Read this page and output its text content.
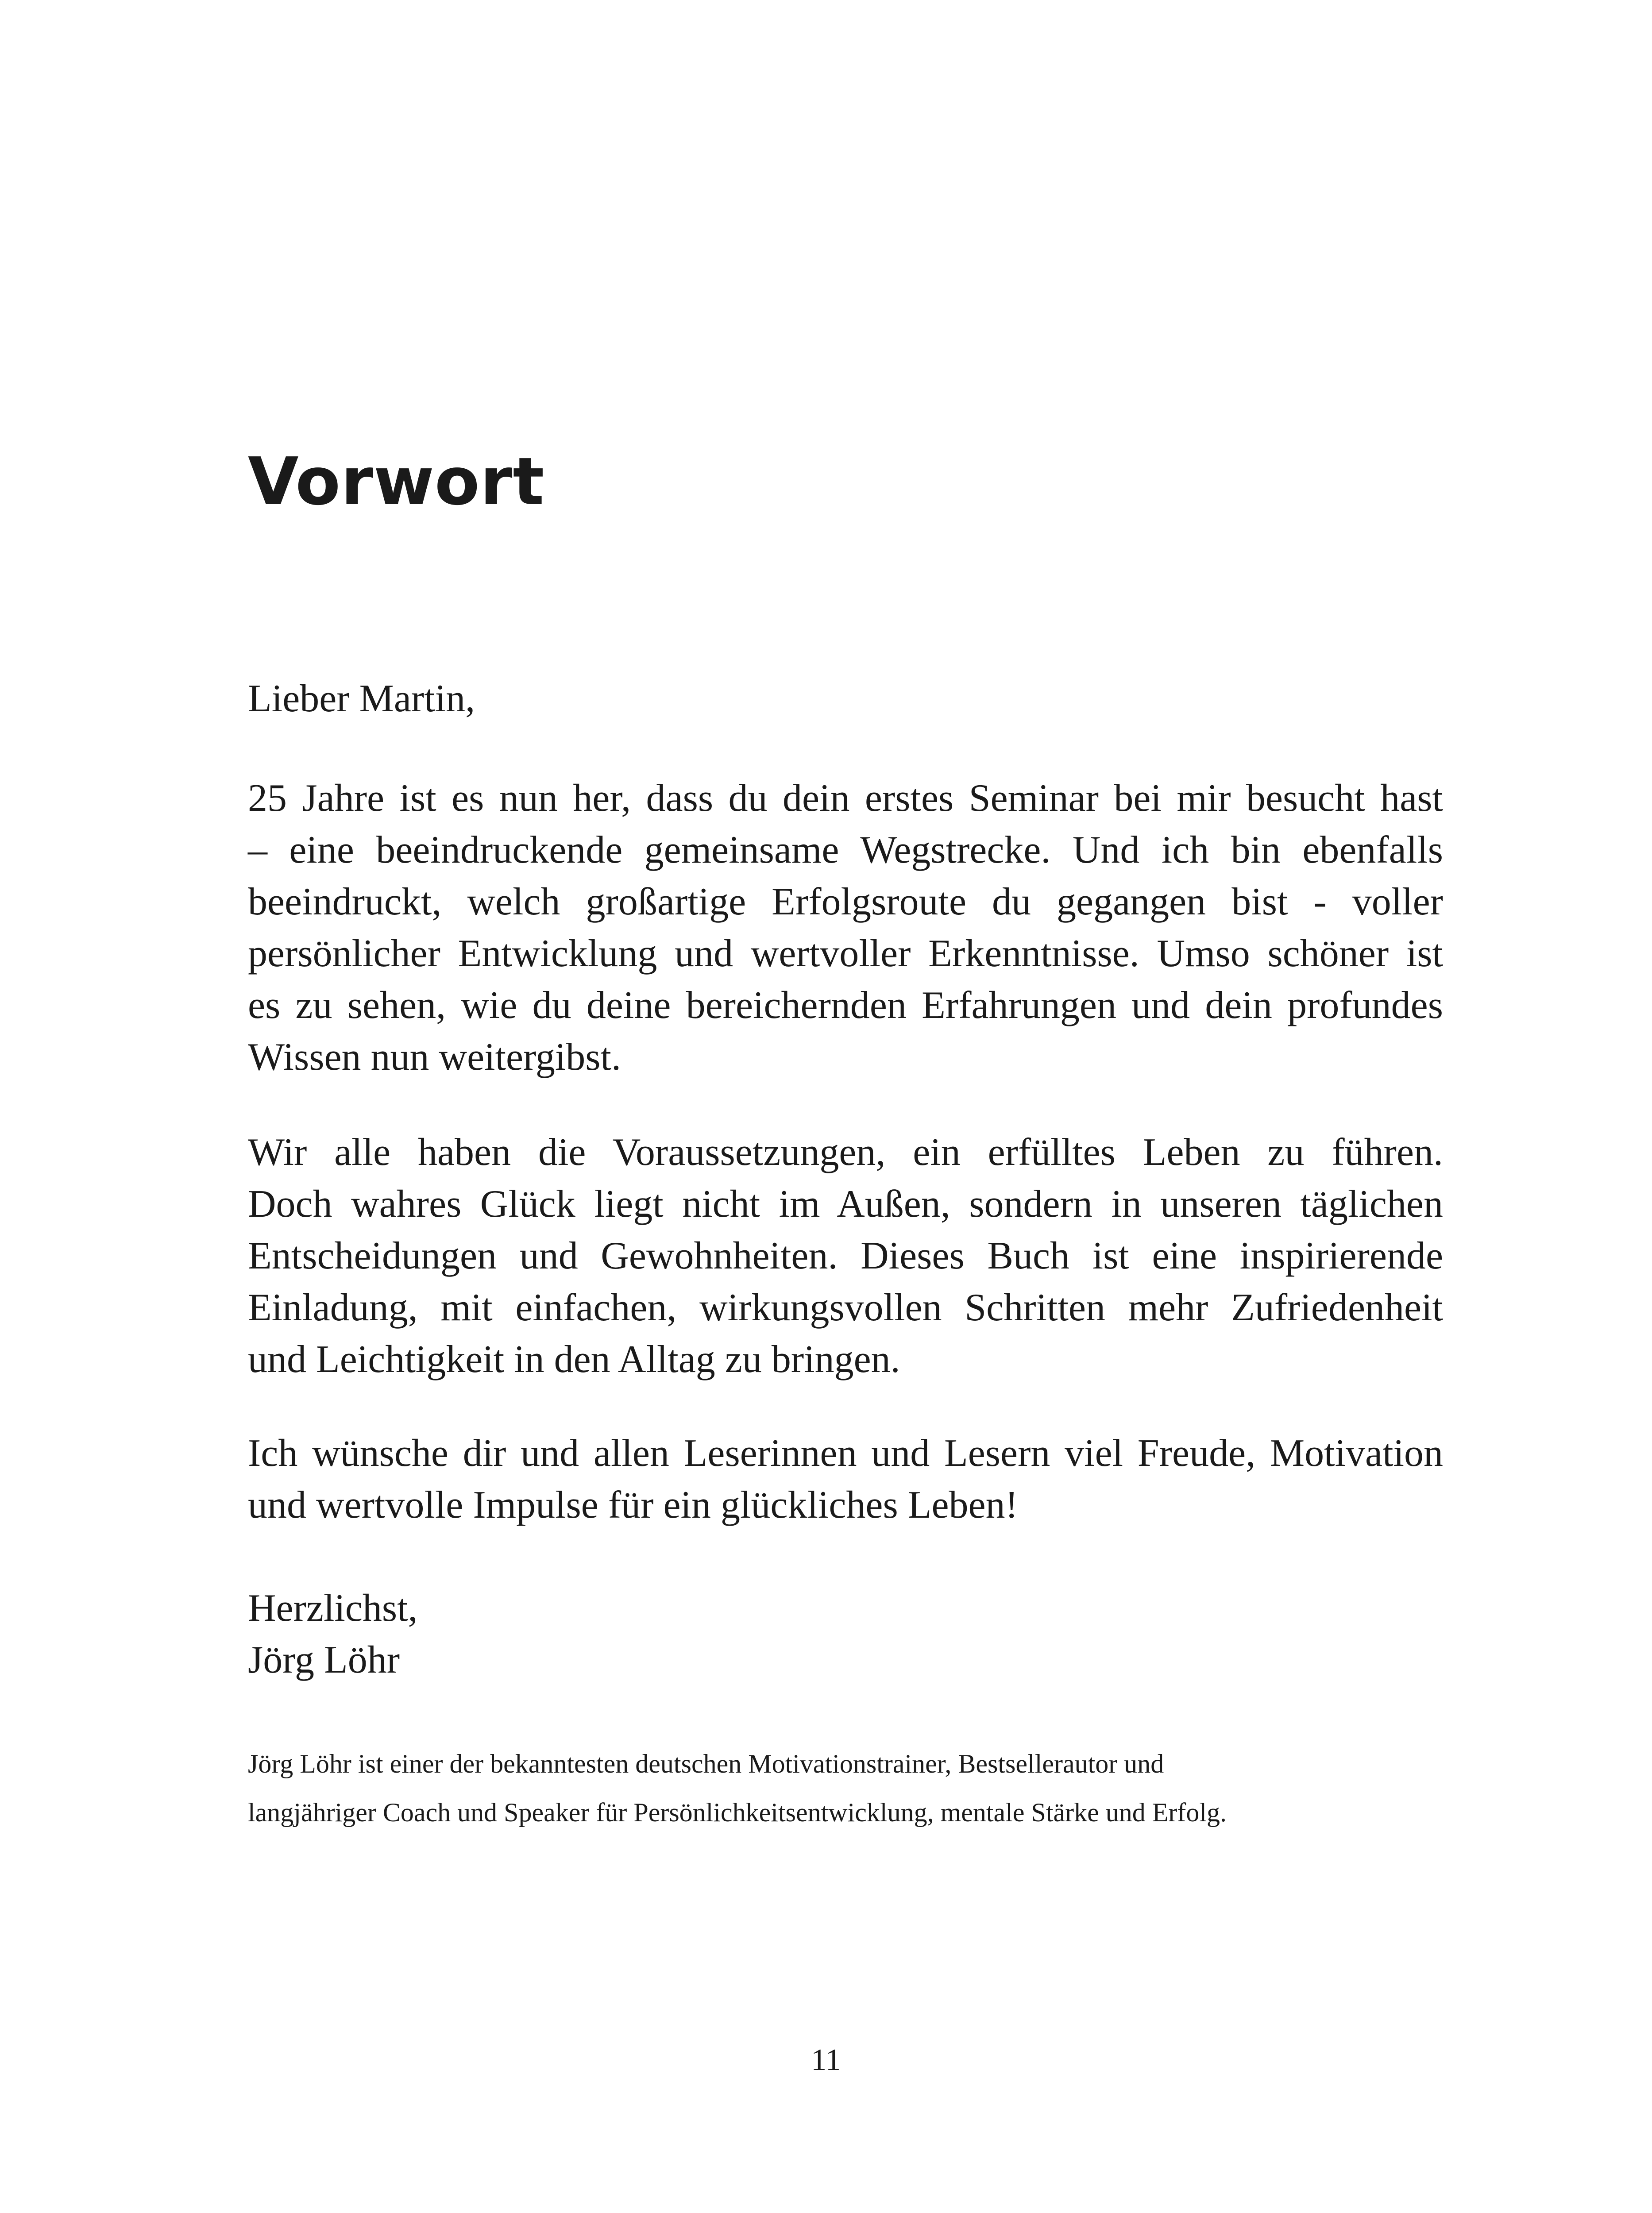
Vorwort

Lieber Martin,

25 Jahre ist es nun her, dass du dein erstes Seminar bei mir besucht hast
– eine beeindruckende gemeinsame Wegstrecke. Und ich bin ebenfalls
beeindruckt, welch großartige Erfolgsroute du gegangen bist - voller
persönlicher Entwicklung und wertvoller Erkenntnisse. Umso schöner ist
es zu sehen, wie du deine bereichernden Erfahrungen und dein profundes
Wissen nun weitergibst.

Wir alle haben die Voraussetzungen, ein erfülltes Leben zu führen.
Doch wahres Glück liegt nicht im Außen, sondern in unseren täglichen
Entscheidungen und Gewohnheiten. Dieses Buch ist eine inspirierende
Einladung, mit einfachen, wirkungsvollen Schritten mehr Zufriedenheit
und Leichtigkeit in den Alltag zu bringen.

Ich wünsche dir und allen Leserinnen und Lesern viel Freude, Motivation
und wertvolle Impulse für ein glückliches Leben!

Herzlichst,
Jörg Löhr

Jörg Löhr ist einer der bekanntesten deutschen Motivationstrainer, Bestsellerautor und
langjähriger Coach und Speaker für Persönlichkeitsentwicklung, mentale Stärke und Erfolg.

11
